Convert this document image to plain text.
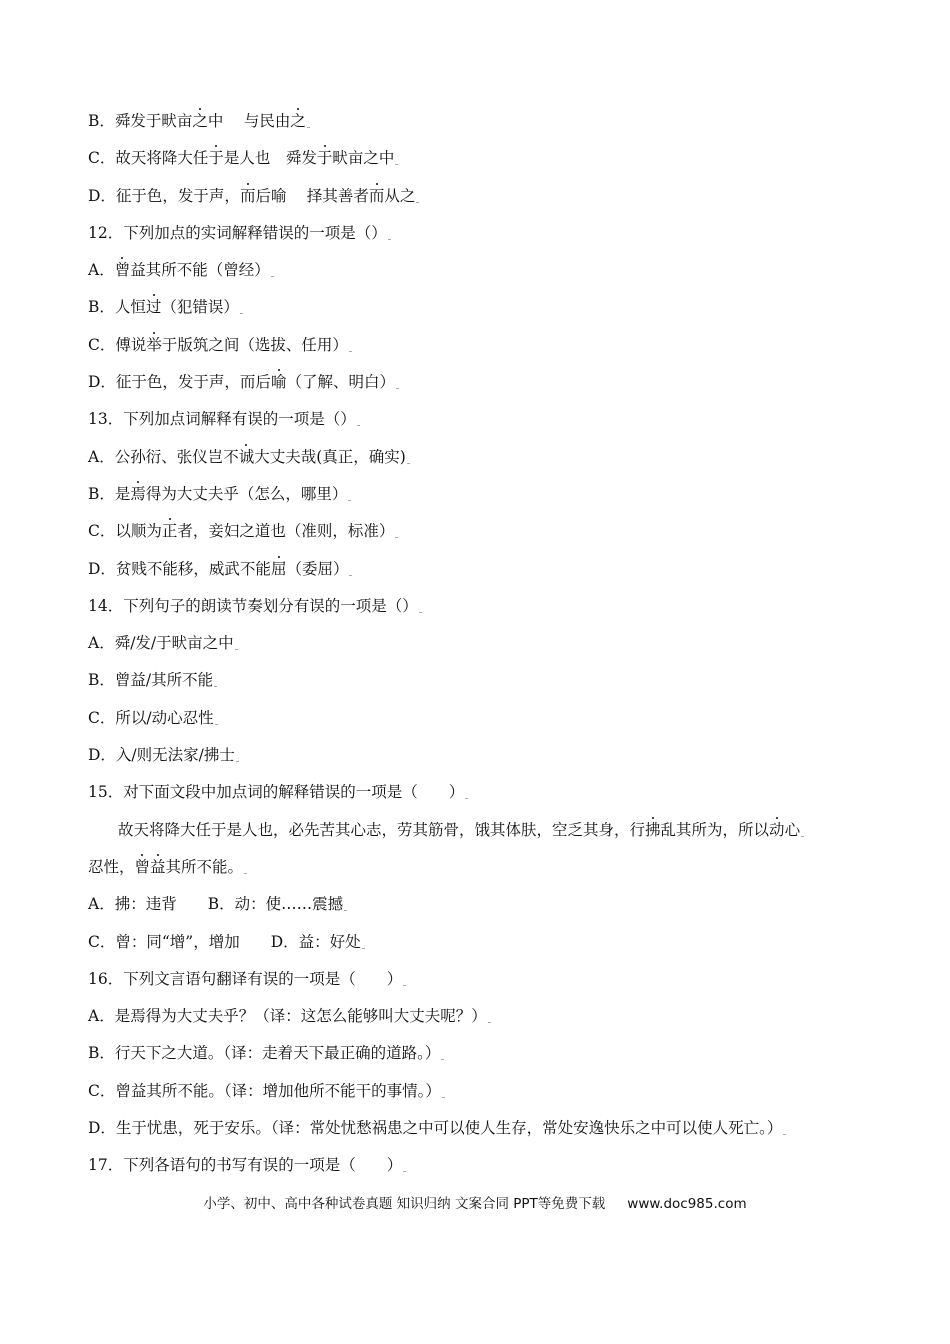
B．舜发于畎亩之中　 与民由之
C．故天将降大任于是人也　舜发于畎亩之中
D．征于色，发于声，而后喻　 择其善者而从之
12．下列加点的实词解释错误的一项是（）
A．曾益其所不能（曾经）
B．人恒过（犯错误）
C．傅说举于版筑之间（选拔、任用）
D．征于色，发于声，而后喻（了解、明白）
13．下列加点词解释有误的一项是（）
A．公孙衍、张仪岂不诚大丈夫哉(真正，确实)
B．是焉得为大丈夫乎（怎么，哪里）
C．以顺为正者，妾妇之道也（准则，标准）
D．贫贱不能移，威武不能屈（委屈）
14．下列句子的朗读节奏划分有误的一项是（）
A．舜/发/于畎亩之中
B．曾益/其所不能
C．所以/动心忍性
D．入/则无法家/拂士
15．对下面文段中加点词的解释错误的一项是（　　）
故天将降大任于是人也，必先苦其心志，劳其筋骨，饿其体肤，空乏其身，行拂乱其所为，所以动心
忍性，曾益其所不能。
A．拂：违背　　B．动：使……震撼
C．曾：同“增”，增加　　D．益：好处
16．下列文言语句翻译有误的一项是（　　）
A．是焉得为大丈夫乎？（译：这怎么能够叫大丈夫呢？）
B．行天下之大道。（译：走着天下最正确的道路。）
C．曾益其所不能。（译：增加他所不能干的事情。）
D．生于忧患，死于安乐。（译：常处忧愁祸患之中可以使人生存，常处安逸快乐之中可以使人死亡。）
17．下列各语句的书写有误的一项是（　　）
小学、初中、高中各种试卷真题 知识归纳 文案合同 PPT等免费下载 www.doc985.com
